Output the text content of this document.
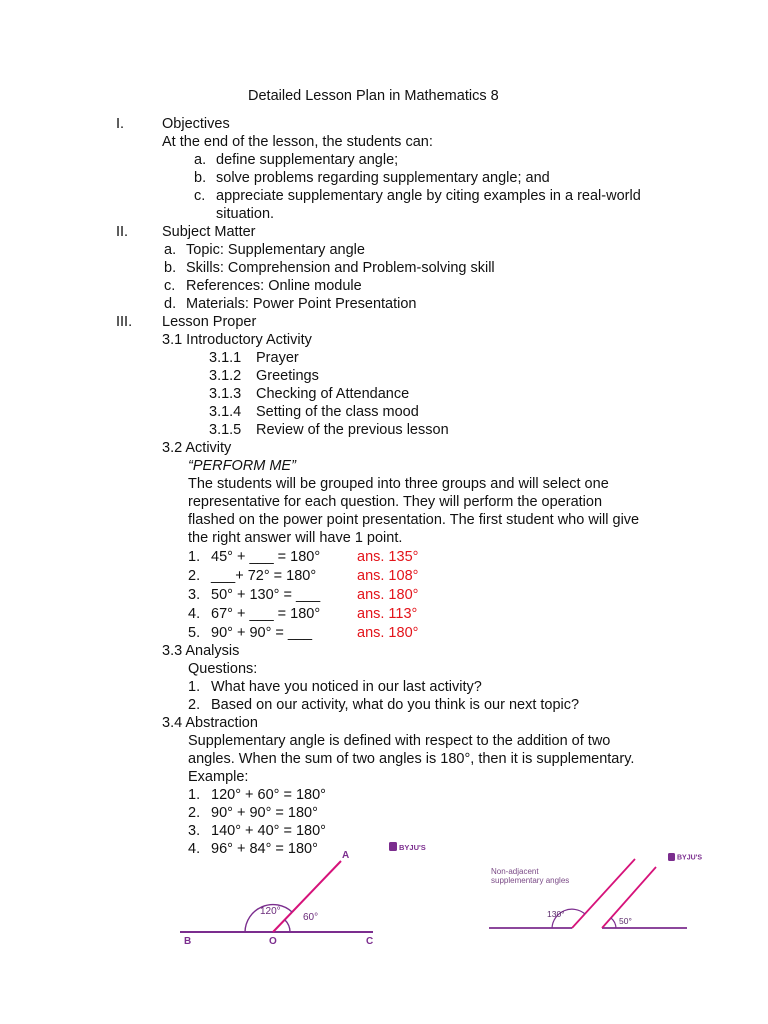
Detailed Lesson Plan in Mathematics 8
I.	Objectives
At the end of the lesson, the students can:
a. define supplementary angle;
b. solve problems regarding supplementary angle; and
c. appreciate supplementary angle by citing examples in a real-world
situation.
II. Subject Matter
a. Topic: Supplementary angle
b. Skills: Comprehension and Problem-solving skill
c. References: Online module
d. Materials: Power Point Presentation
III. Lesson Proper
3.1 Introductory Activity
3.1.1 Prayer
3.1.2 Greetings
3.1.3 Checking of Attendance
3.1.4 Setting of the class mood
3.1.5 Review of the previous lesson
3.2 Activity
“PERFORM ME”
The students will be grouped into three groups and will select one
representative for each question. They will perform the operation
flashed on the power point presentation. The first student who will give
the right answer will have 1 point.
1. 45° + ___ = 180°	ans. 135°
2. ___+ 72° = 180°	ans. 108°
3. 50° + 130° = ___	ans. 180°
4. 67° + ___ = 180°	ans. 113°
5. 90° + 90° = ___	ans. 180°
3.3 Analysis
Questions:
1. What have you noticed in our last activity?
2. Based on our activity, what do you think is our next topic?
3.4 Abstraction
Supplementary angle is defined with respect to the addition of two
angles. When the sum of two angles is 180°, then it is supplementary.
Example:
1. 120° + 60° = 180°
2. 90° + 90° = 180°
3. 140° + 40° = 180°
4. 96° + 84° = 180°	BYJU'S
120°
60°
A
B	O	C
BYJU'S
Non-adjacent
supplementary angles
130°
50°
